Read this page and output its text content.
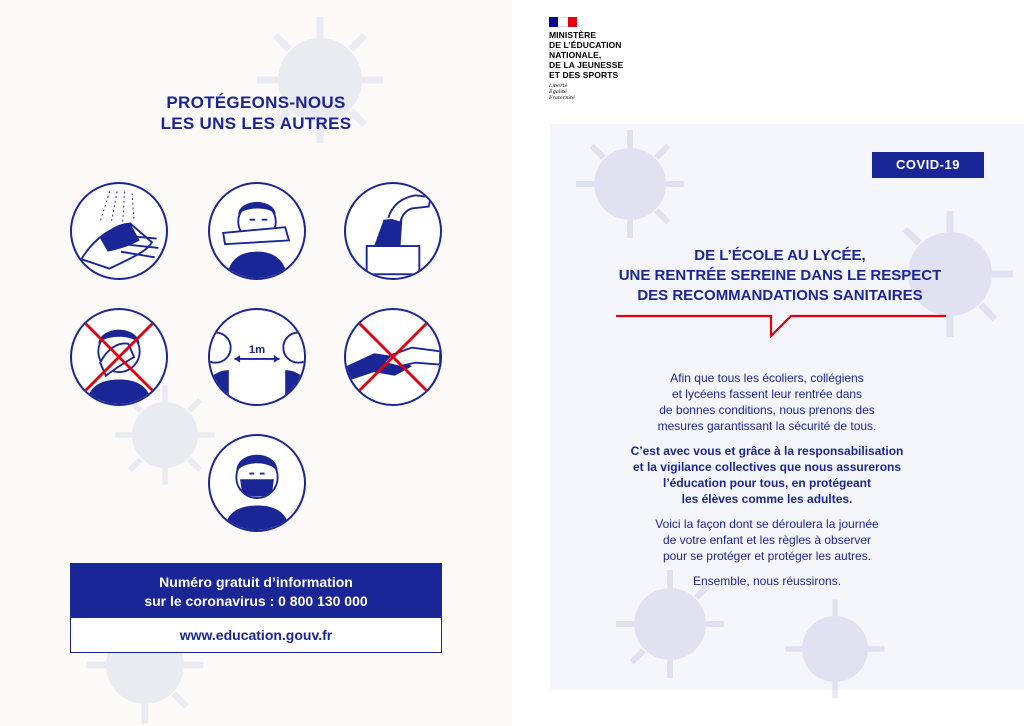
PROTÉGEONS-NOUS
LES UNS LES AUTRES
1m
Numéro gratuit d’information
sur le coronavirus : 0 800 130 000
www.education.gouv.fr
MINISTÈRE
DE L’ÉDUCATION
NATIONALE,
DE LA JEUNESSE
ET DES SPORTS
Liberté
Égalité
Fraternité
COVID-19
DE L’ÉCOLE AU LYCÉE,
UNE RENTRÉE SEREINE DANS LE RESPECT
DES RECOMMANDATIONS SANITAIRES

Afin que tous les écoliers, collégiens
et lycéens fassent leur rentrée dans
de bonnes conditions, nous prenons des
mesures garantissant la sécurité de tous.

C’est avec vous et grâce à la responsabilisation
et la vigilance collectives que nous assurerons
l’éducation pour tous, en protégeant
les élèves comme les adultes.

Voici la façon dont se déroulera la journée
de votre enfant et les règles à observer
pour se protéger et protéger les autres.

Ensemble, nous réussirons.
